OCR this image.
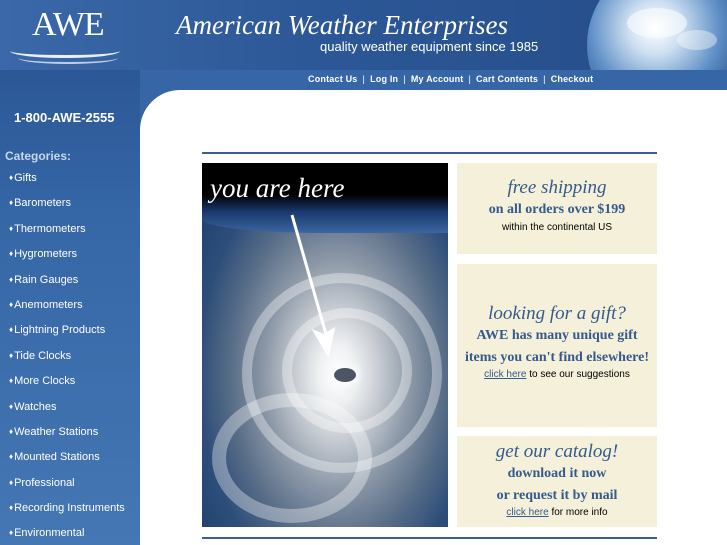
AWE	American Weather Enterprises
quality weather equipment since 1985
Contact Us | Log In | My Account | Cart Contents | Checkout
1-800-AWE-2555
Categories:
♦Gifts
♦Barometers
♦Thermometers
♦Hygrometers
♦Rain Gauges
♦Anemometers
♦Lightning Products
♦Tide Clocks
♦More Clocks
♦Watches
♦Weather Stations
♦Mounted Stations
♦Professional
♦Recording Instruments
♦Environmental
you are here	free shipping
on all orders over $199
within the continental US
looking for a gift?
AWE has many unique gift
items you can't find elsewhere!
click here to see our suggestions
get our catalog!
download it now
or request it by mail
click here for more info
